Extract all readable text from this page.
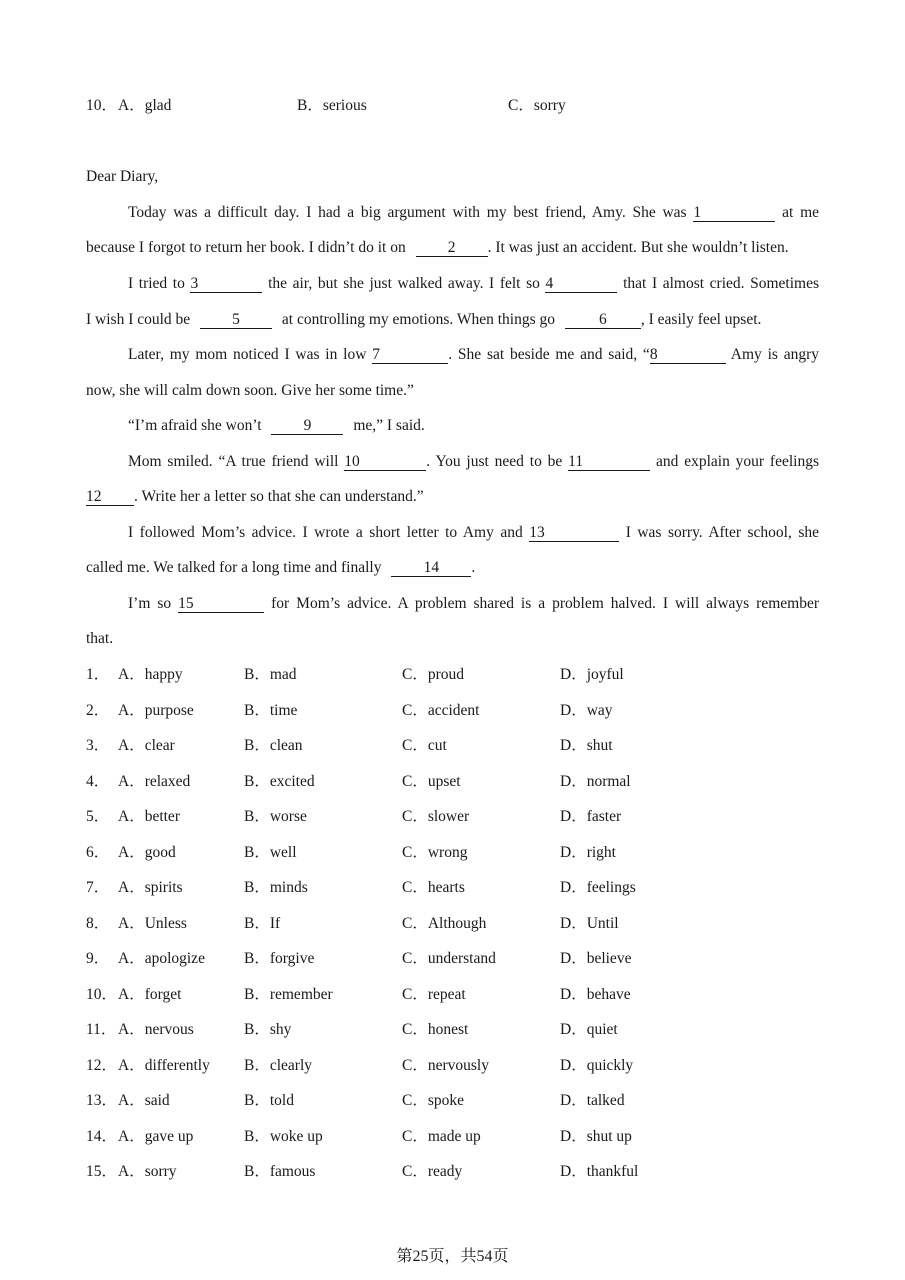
10． A．glad	B．serious	C．sorry
Dear Diary,
Today was a difficult day. I had a big argument with my best friend, Amy. She was 1	at me
because I forgot to return her book. I didn’t do it on	2 . It was just an accident. But she wouldn’t listen.
I tried to 3	the air, but she just walked away. I felt so 4	that I almost cried. Sometimes
I wish I could be	5	at controlling my emotions. When things go	6 , I easily feel upset.
Later, my mom noticed I was in low 7	. She sat beside me and said, “8	Amy is angry
now, she will calm down soon. Give her some time.”
“I’m afraid she won’t	9	me,” I said.
Mom smiled. “A true friend will 10	. You just need to be 11	and explain your feelings
12 . Write her a letter so that she can understand.”
I followed Mom’s advice. I wrote a short letter to Amy and 13	I was sorry. After school, she
called me. We talked for a long time and finally	14 .
I’m so 15	for Mom’s advice. A problem shared is a problem halved. I will always remember
that.
1． A．happy	B．mad	C．proud	D．joyful
2． A．purpose	B．time	C．accident	D．way
3． A．clear	B．clean	C．cut	D．shut
4． A．relaxed	B．excited	C．upset	D．normal
5． A．better	B．worse	C．slower	D．faster
6． A．good	B．well	C．wrong	D．right
7． A．spirits	B．minds	C．hearts	D．feelings
8． A．Unless	B．If	C．Although	D．Until
9． A．apologize	B．forgive	C．understand	D．believe
10． A．forget	B．remember	C．repeat	D．behave
11． A．nervous	B．shy	C．honest	D．quiet
12． A．differently B．clearly	C．nervously	D．quickly
13． A．said	B．told	C．spoke	D．talked
14． A．gave up	B．woke up	C．made up	D．shut up
15． A．sorry	B．famous	C．ready	D．thankful
第25页，共54页
